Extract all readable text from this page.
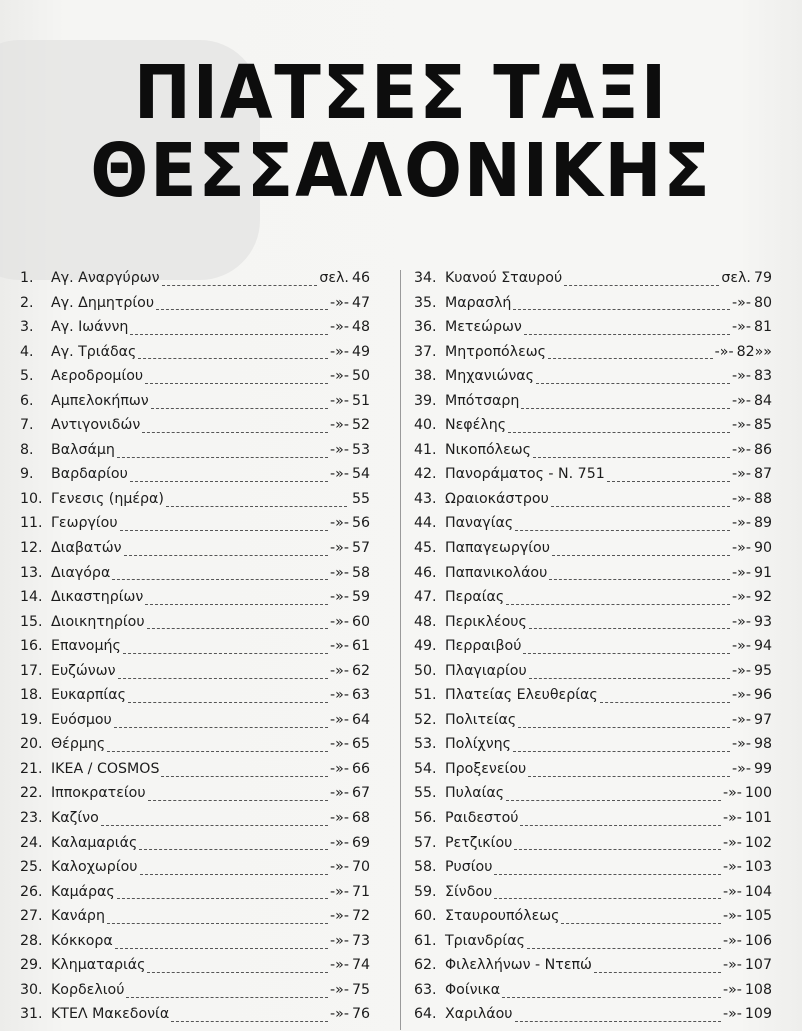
ΠΙΑΤΣΕΣ ΤΑΞΙ
ΘΕΣΣΑΛΟΝΙΚΗΣ
1.	Αγ. Αναργύρων	σελ. 46
2.	Αγ. Δημητρίου	-»- 47
3.	Αγ. Ιωάννη	-»- 48
4.	Αγ. Τριάδας	-»- 49
5.	Αεροδρομίου	-»- 50
6.	Αμπελοκήπων	-»- 51
7.	Αντιγονιδών	-»- 52
8.	Βαλσάμη	-»- 53
9.	Βαρδαρίου	-»- 54
10. Γενεσις (ημέρα)	55
11. Γεωργίου	-»- 56
12. Διαβατών	-»- 57
13. Διαγόρα	-»- 58
14. Δικαστηρίων	-»- 59
15. Διοικητηρίου	-»- 60
16. Επανομής	-»- 61
17. Ευζώνων	-»- 62
18. Ευκαρπίας	-»- 63
19. Ευόσμου	-»- 64
20. Θέρμης	-»- 65
21. ΙΚΕΑ / COSMOS	-»- 66
22. Ιπποκρατείου	-»- 67
23. Καζίνο	-»- 68
24. Καλαμαριάς	-»- 69
25. Καλοχωρίου	-»- 70
26. Καμάρας	-»- 71
27. Κανάρη	-»- 72
28. Κόκκορα	-»- 73
29. Κληματαριάς	-»- 74
30. Κορδελιού	-»- 75
31. ΚΤΕΛ Μακεδονία	-»- 76
34. Κυανού Σταυρού	σελ. 79
35. Μαρασλή	-»- 80
36. Μετεώρων	-»- 81
37. Μητροπόλεως	-»- 82»»
38. Μηχανιώνας	-»- 83
39. Μπότσαρη	-»- 84
40. Νεφέλης	-»- 85
41. Νικοπόλεως	-»- 86
42. Πανοράματος - Ν. 751	-»- 87
43. Ωραιοκάστρου	-»- 88
44. Παναγίας	-»- 89
45. Παπαγεωργίου	-»- 90
46. Παπανικολάου	-»- 91
47. Περαίας	-»- 92
48. Περικλέους	-»- 93
49. Περραιβού	-»- 94
50. Πλαγιαρίου	-»- 95
51. Πλατείας Ελευθερίας	-»- 96
52. Πολιτείας	-»- 97
53. Πολίχνης	-»- 98
54. Προξενείου	-»- 99
55. Πυλαίας	-»- 100
56. Ραιδεστού	-»- 101
57. Ρετζικίου	-»- 102
58. Ρυσίου	-»- 103
59. Σίνδου	-»- 104
60. Σταυρουπόλεως	-»- 105
61. Τριανδρίας	-»- 106
62. Φιλελλήνων - Ντεπώ	-»- 107
63. Φοίνικα	-»- 108
64. Χαριλάου	-»- 109
